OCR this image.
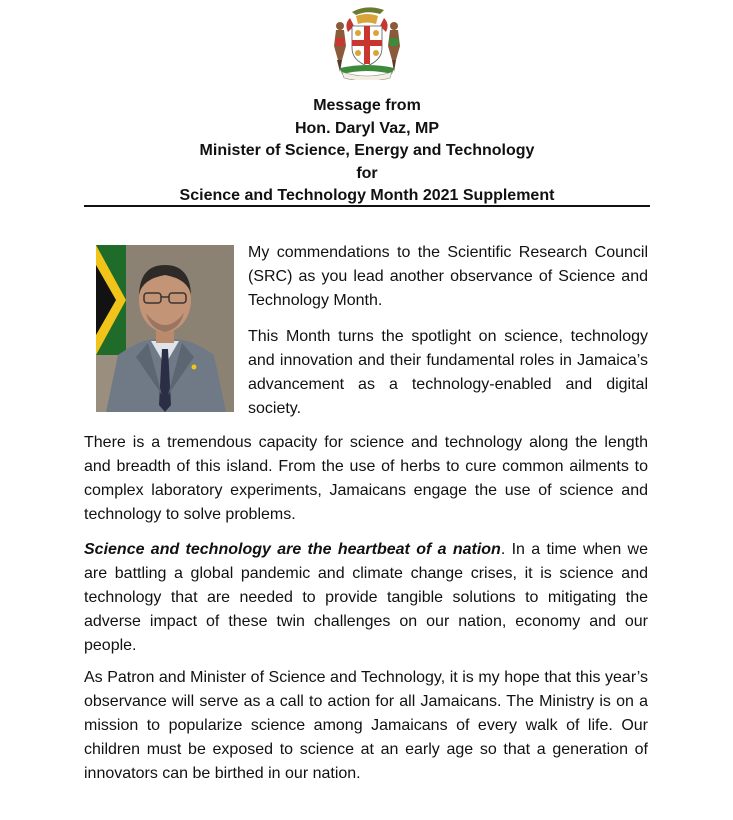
Message from
Hon. Daryl Vaz, MP
Minister of Science, Energy and Technology
for
Science and Technology Month 2021 Supplement

My commendations to the Scientific Research Council (SRC) as you lead another observance of Science and Technology Month.

This Month turns the spotlight on science, technology and innovation and their fundamental roles in Jamaica’s advancement as a technology-enabled and digital society.

There is a tremendous capacity for science and technology along the length and breadth of this island. From the use of herbs to cure common ailments to complex laboratory experiments, Jamaicans engage the use of science and technology to solve problems.

Science and technology are the heartbeat of a nation. In a time when we are battling a global pandemic and climate change crises, it is science and technology that are needed to provide tangible solutions to mitigating the adverse impact of these twin challenges on our nation, economy and our people.

As Patron and Minister of Science and Technology, it is my hope that this year’s observance will serve as a call to action for all Jamaicans. The Ministry is on a mission to popularize science among Jamaicans of every walk of life. Our children must be exposed to science at an early age so that a generation of innovators can be birthed in our nation.
